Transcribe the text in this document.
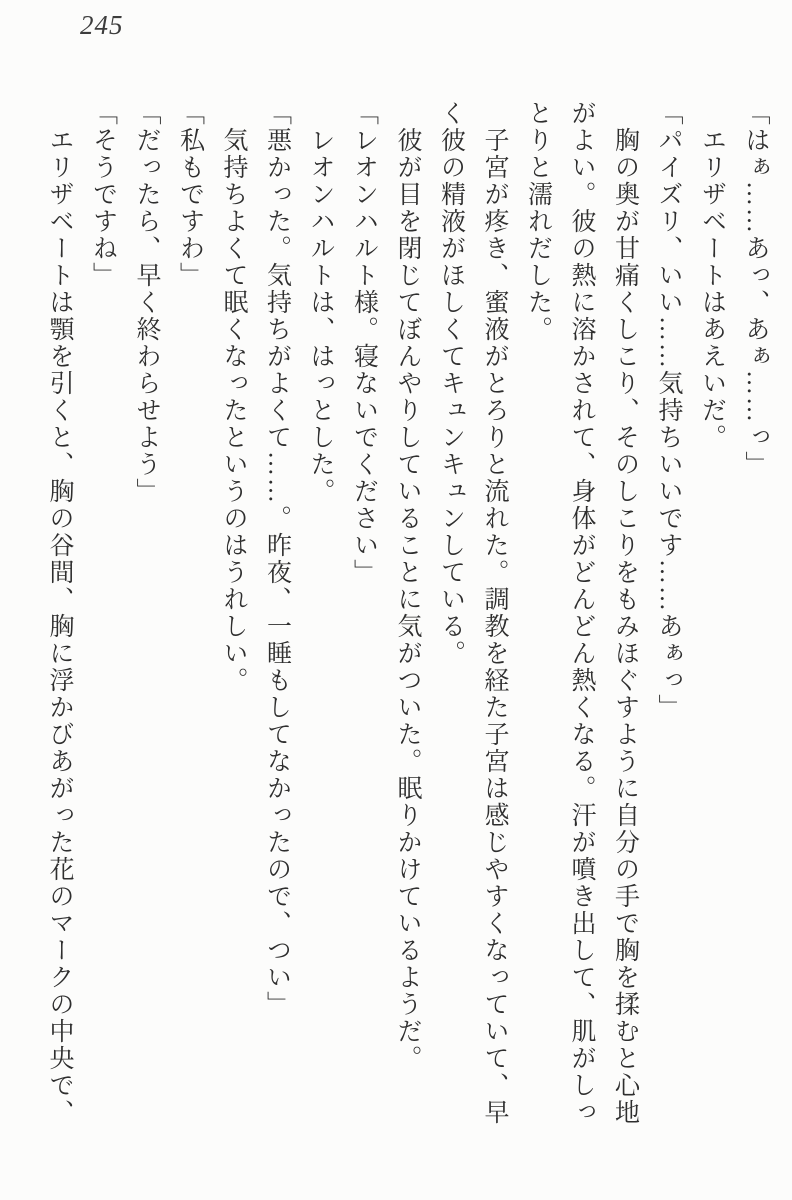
245

「はぁ……あっ、あぁ……っ」

エリザベートはあえいだ。

「パイズリ、いい……気持ちいいです……あぁっ」

胸の奥が甘痛くしこり、そのしこりをもみほぐすように自分の手で胸を揉むと心地

がよい。彼の熱に溶かされて、身体がどんどん熱くなる。汗が噴き出して、肌がしっ

とりと濡れだした。

子宮が疼き、蜜液がとろりと流れた。調教を経た子宮は感じやすくなっていて、早

く彼の精液がほしくてキュンキュンしている。

彼が目を閉じてぼんやりしていることに気がついた。眠りかけているようだ。

「レオンハルト様。寝ないでください」

レオンハルトは、はっとした。

「悪かった。気持ちがよくて……。昨夜、一睡もしてなかったので、つい」

気持ちよくて眠くなったというのはうれしい。

「私もですわ」

「だったら、早く終わらせよう」

「そうですね」

エリザベートは顎を引くと、胸の谷間、胸に浮かびあがった花のマークの中央で、
